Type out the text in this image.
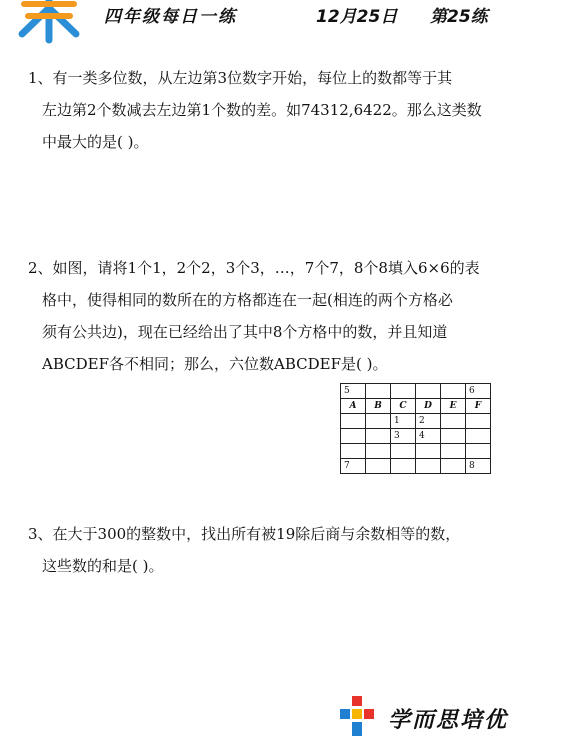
四年级每日一练	12月25日 第25练

1、有一类多位数，从左边第3位数字开始，每位上的数都等于其

左边第2个数减去左边第1个数的差。如74312,6422。那么这类数

中最大的是( )。

2、如图，请将1个1，2个2，3个3，…，7个7，8个8填入6×6的表

格中，使得相同的数所在的方格都连在一起(相连的两个方格必

须有公共边)，现在已经给出了其中8个方格中的数，并且知道

ABCDEF各不相同；那么，六位数ABCDEF是( )。

5					6
A	B	C	D	E	F
		1	2		
		3	4		

7					8

3、在大于300的整数中，找出所有被19除后商与余数相等的数，

这些数的和是( )。

学而思培优
